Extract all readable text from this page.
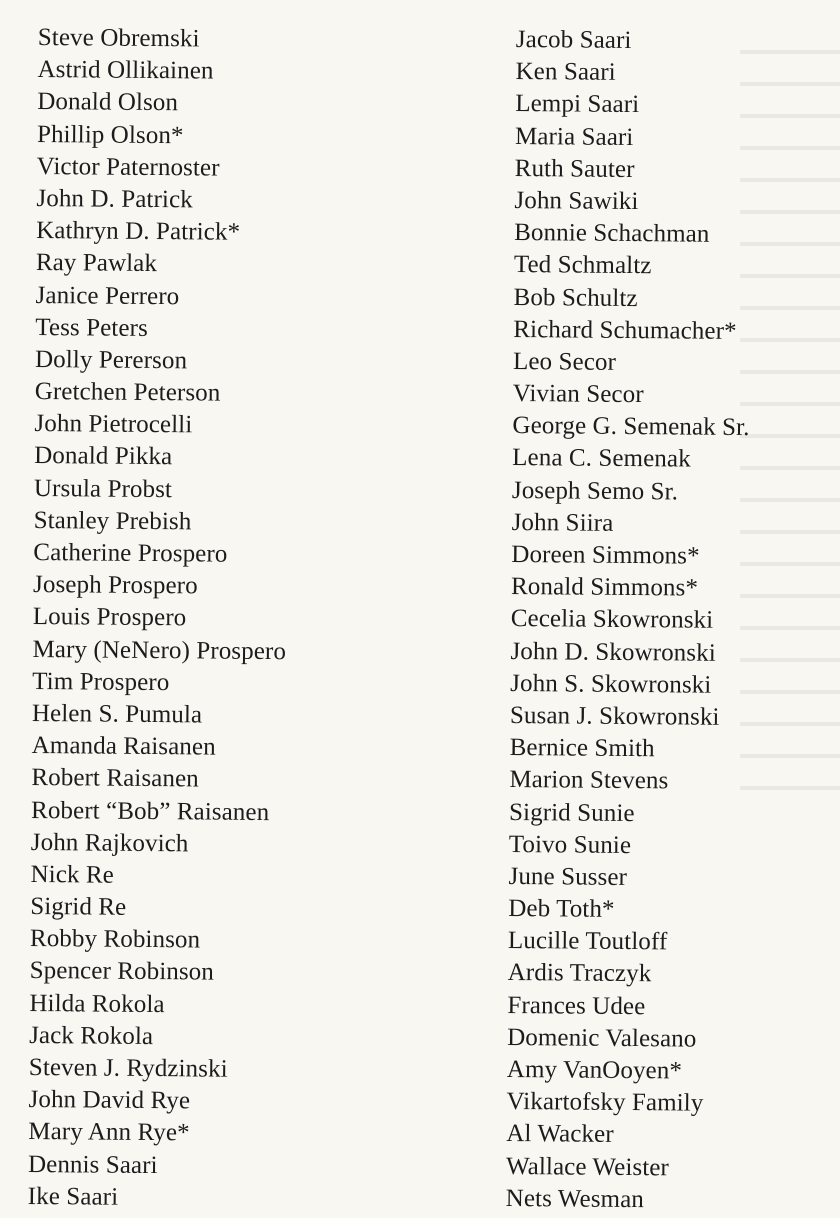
Steve Obremski
Astrid Ollikainen
Donald Olson
Phillip Olson*
Victor Paternoster
John D. Patrick
Kathryn D. Patrick*
Ray Pawlak
Janice Perrero
Tess Peters
Dolly Pererson
Gretchen Peterson
John Pietrocelli
Donald Pikka
Ursula Probst
Stanley Prebish
Catherine Prospero
Joseph Prospero
Louis Prospero
Mary (NeNero) Prospero
Tim Prospero
Helen S. Pumula
Amanda Raisanen
Robert Raisanen
Robert “Bob” Raisanen
John Rajkovich
Nick Re
Sigrid Re
Robby Robinson
Spencer Robinson
Hilda Rokola
Jack Rokola
Steven J. Rydzinski
John David Rye
Mary Ann Rye*
Dennis Saari
Ike Saari
Jacob Saari
Ken Saari
Lempi Saari
Maria Saari
Ruth Sauter
John Sawiki
Bonnie Schachman
Ted Schmaltz
Bob Schultz
Richard Schumacher*
Leo Secor
Vivian Secor
George G. Semenak Sr.
Lena C. Semenak
Joseph Semo Sr.
John Siira
Doreen Simmons*
Ronald Simmons*
Cecelia Skowronski
John D. Skowronski
John S. Skowronski
Susan J. Skowronski
Bernice Smith
Marion Stevens
Sigrid Sunie
Toivo Sunie
June Susser
Deb Toth*
Lucille Toutloff
Ardis Traczyk
Frances Udee
Domenic Valesano
Amy VanOoyen*
Vikartofsky Family
Al Wacker
Wallace Weister
Nets Wesman
